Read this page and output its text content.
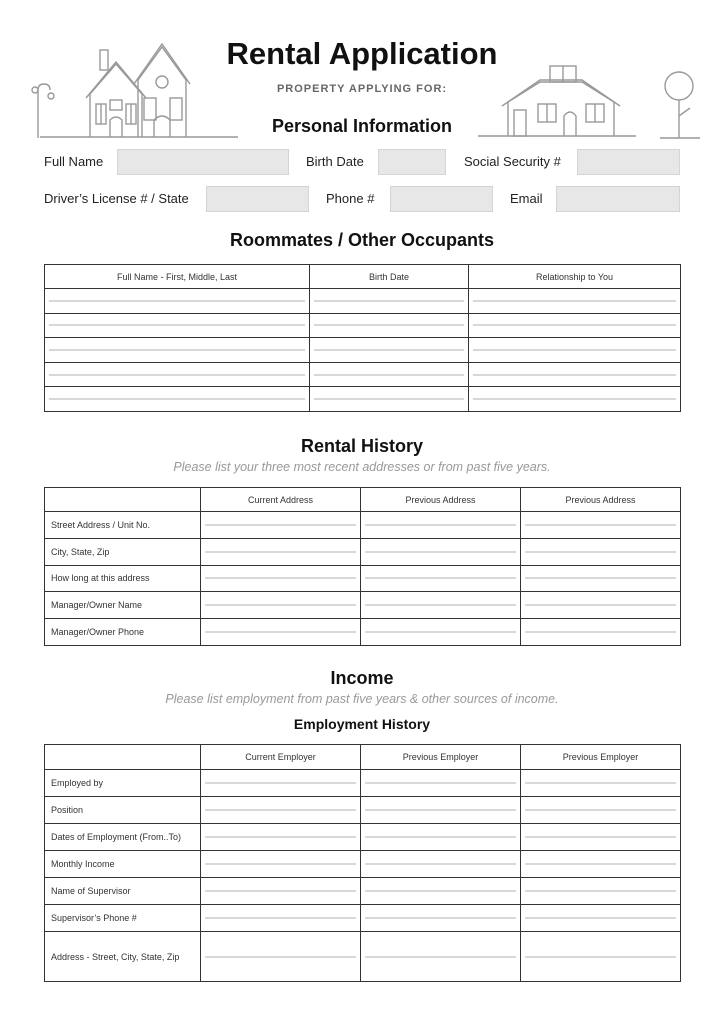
Rental Application
PROPERTY APPLYING FOR:
Personal Information
Full Name	Birth Date	Social Security #
Driver’s License # / State	Phone #	Email
Roommates / Other Occupants
Full Name - First, Middle, Last	Birth Date	Relationship to You

Rental History
Please list your three most recent addresses or from past five years.
	Current Address	Previous Address	Previous Address
Street Address / Unit No.	

City, State, Zip	

How long at this address	

Manager/Owner Name	

Manager/Owner Phone	

Income
Please list employment from past five years & other sources of income.
Employment History
	Current Employer	Previous Employer	Previous Employer
Employed by	

Position	

Dates of Employment (From..To)	

Monthly Income	

Name of Supervisor	

Supervisor’s Phone #	

Address - Street, City, State, Zip	
